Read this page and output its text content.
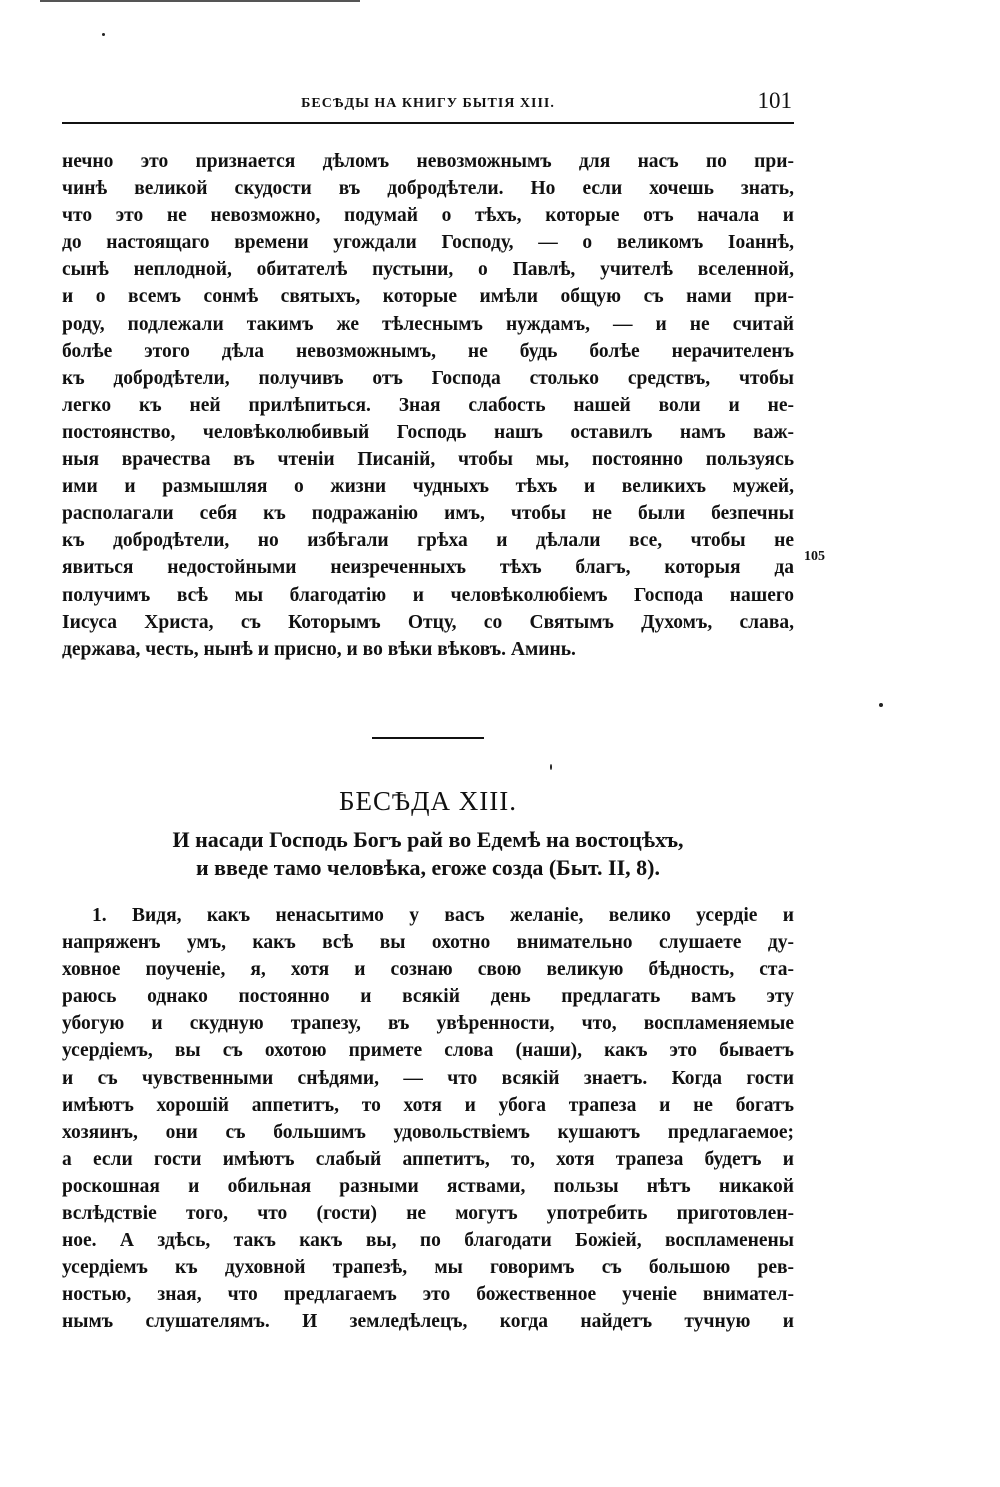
БЕСѢДЫ НА КНИГУ БЫТІЯ XIII.	101
нечно это признается дѣломъ невозможнымъ для насъ по при-
чинѣ великой скудости въ добродѣтели. Но если хочешь знать,
что это не невозможно, подумай о тѣхъ, которые отъ начала и
до настоящаго времени угождали Господу, — о великомъ Іоаннѣ,
сынѣ неплодной, обитателѣ пустыни, о Павлѣ, учителѣ вселенной,
и о всемъ сонмѣ святыхъ, которые имѣли общую съ нами при-
роду, подлежали такимъ же тѣлеснымъ нуждамъ, — и не считай
болѣе этого дѣла невозможнымъ, не будь болѣе нерачителенъ
къ добродѣтели, получивъ отъ Господа столько средствъ, чтобы
легко къ ней прилѣпиться. Зная слабость нашей воли и не-
постоянство, человѣколюбивый Господь нашъ оставилъ намъ важ-
ныя врачества въ чтеніи Писаній, чтобы мы, постоянно пользуясь
ими и размышляя о жизни чудныхъ тѣхъ и великихъ мужей,
располагали себя къ подражанію имъ, чтобы не были безпечны
къ добродѣтели, но избѣгали грѣха и дѣлали все, чтобы не
явиться недостойными неизреченныхъ тѣхъ благъ, которыя да
получимъ всѣ мы благодатію и человѣколюбіемъ Господа нашего
Іисуса Христа, съ Которымъ Отцу, со Святымъ Духомъ, слава,
держава, честь, нынѣ и присно, и во вѣки вѣковъ. Аминь.
105
БЕСѢДА XIII.
И насади Господь Богъ рай во Едемѣ на востоцѣхъ,
и введе тамо человѣка, егоже созда (Быт. II, 8).
1. Видя, какъ ненасытимо у васъ желаніе, велико усердіе и
напряженъ умъ, какъ всѣ вы охотно внимательно слушаете ду-
ховное поученіе, я, хотя и сознаю свою великую бѣдность, ста-
раюсь однако постоянно и всякій день предлагать вамъ эту
убогую и скудную трапезу, въ увѣренности, что, воспламеняемые
усердіемъ, вы съ охотою примете слова (наши), какъ это бываетъ
и съ чувственными снѣдями, — что всякій знаетъ. Когда гости
имѣютъ хорошій аппетитъ, то хотя и убога трапеза и не богатъ
хозяинъ, они съ большимъ удовольствіемъ кушаютъ предлагаемое;
а если гости имѣютъ слабый аппетитъ, то, хотя трапеза будетъ и
роскошная и обильная разными яствами, пользы нѣтъ никакой
вслѣдствіе того, что (гости) не могутъ употребить приготовлен-
ное. А здѣсь, такъ какъ вы, по благодати Божіей, воспламенены
усердіемъ къ духовной трапезѣ, мы говоримъ съ большою рев-
ностью, зная, что предлагаемъ это божественное ученіе внимател-
нымъ слушателямъ. И земледѣлецъ, когда найдетъ тучную и
